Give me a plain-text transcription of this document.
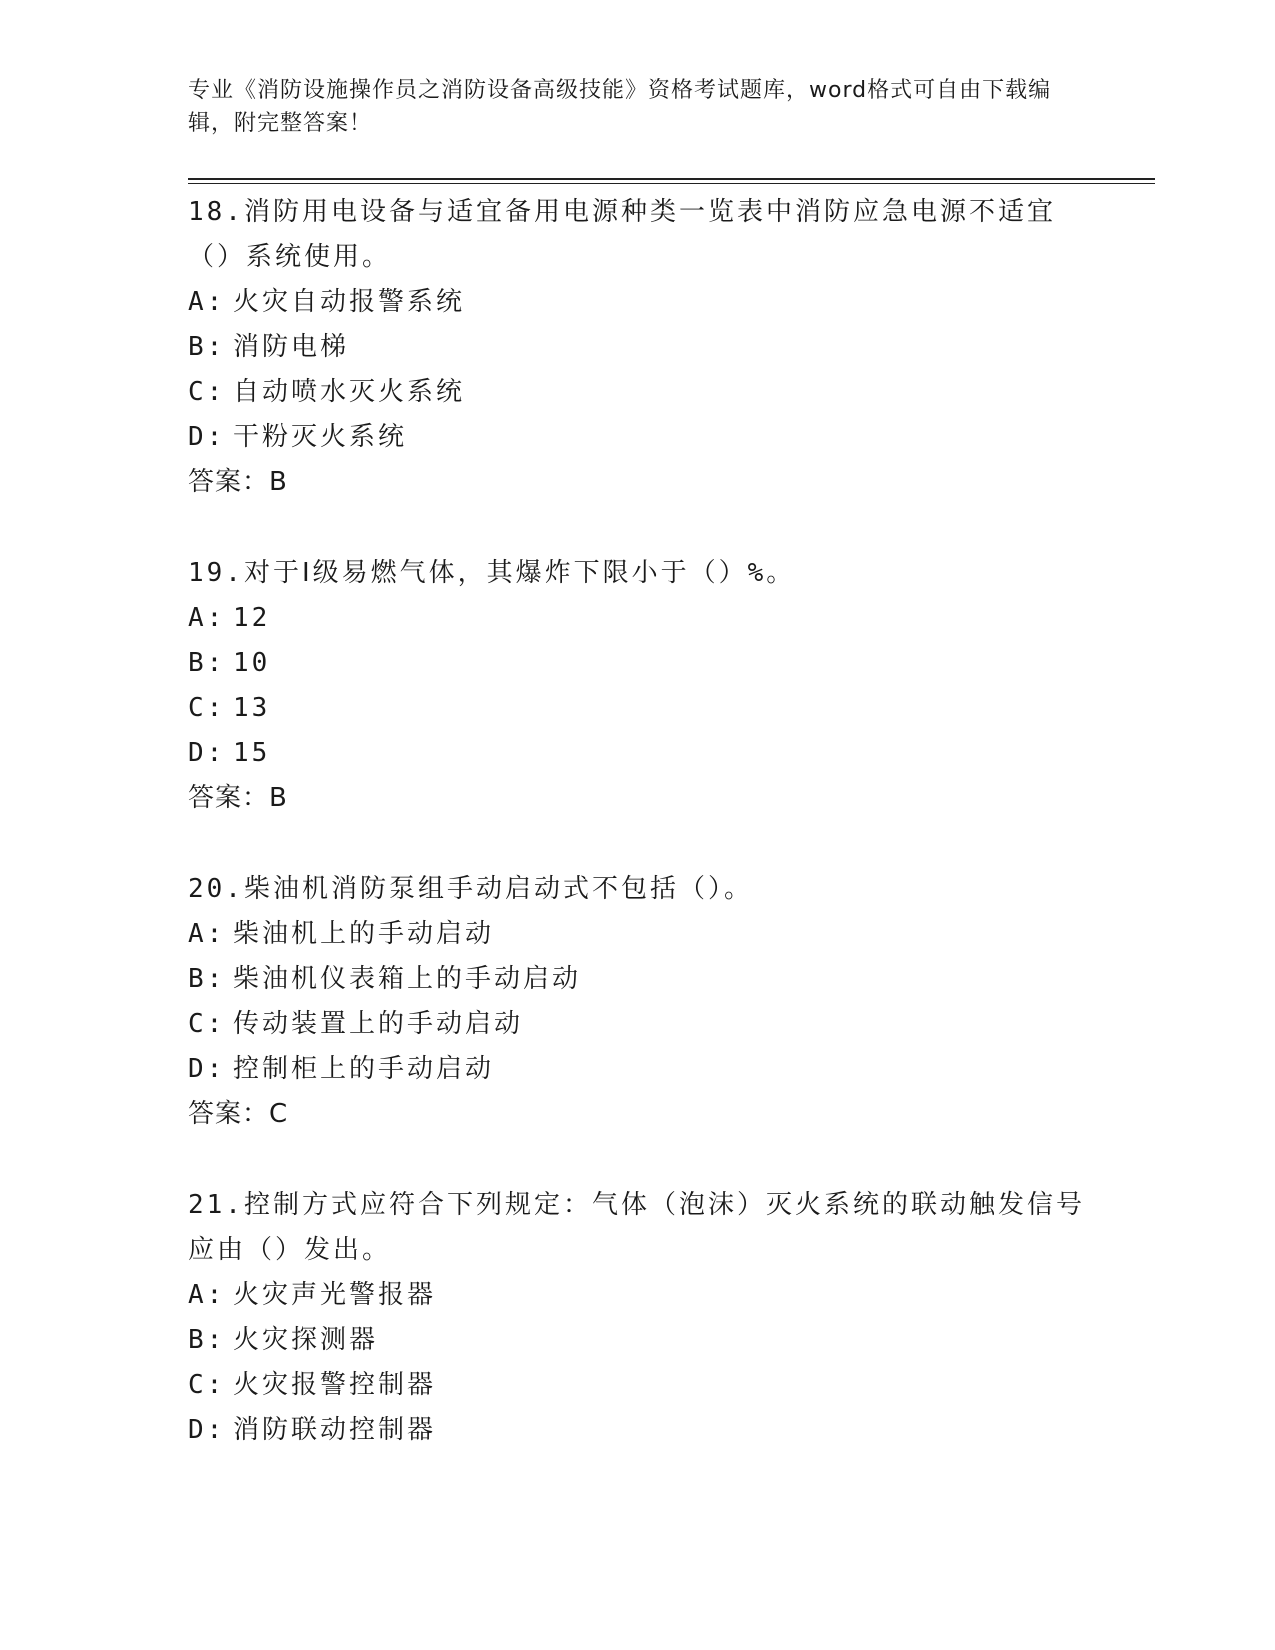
专业《消防设施操作员之消防设备高级技能》资格考试题库，word格式可自由下载编辑，附完整答案！
18.消防用电设备与适宜备用电源种类一览表中消防应急电源不适宜（）系统使用。
A: 火灾自动报警系统
B: 消防电梯
C: 自动喷水灭火系统
D: 干粉灭火系统
答案：B
19.对于Ⅰ级易燃气体，其爆炸下限小于（）%。
A: 12
B: 10
C: 13
D: 15
答案：B
20.柴油机消防泵组手动启动式不包括（）。
A: 柴油机上的手动启动
B: 柴油机仪表箱上的手动启动
C: 传动装置上的手动启动
D: 控制柜上的手动启动
答案：C
21.控制方式应符合下列规定：气体（泡沫）灭火系统的联动触发信号应由（）发出。
A: 火灾声光警报器
B: 火灾探测器
C: 火灾报警控制器
D: 消防联动控制器
